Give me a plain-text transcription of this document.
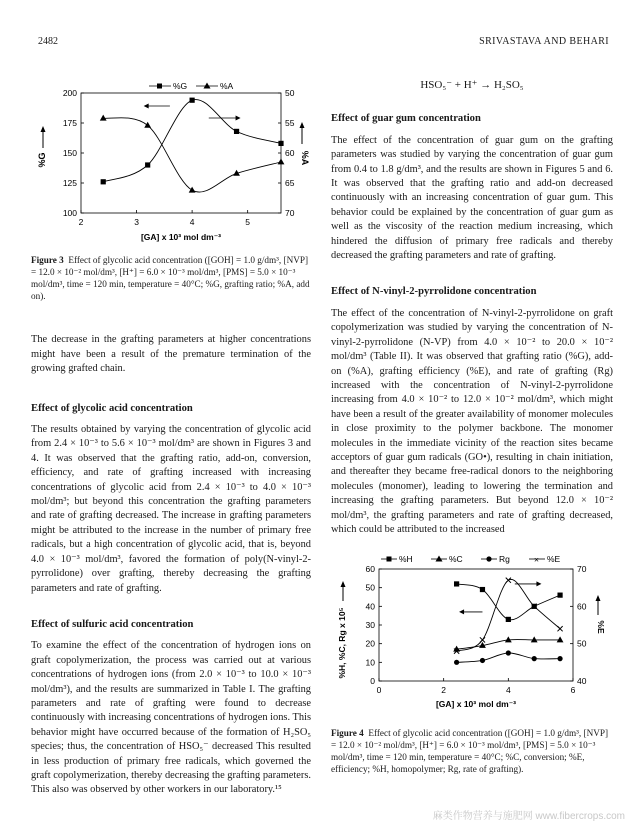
2482	SRIVASTAVA AND BEHARI
2	3	4	5
100
125
150
175
200
70
65
60
55
50
%G	%A
%G	%A
[GA] x 10³ mol dm⁻³

Figure 3 Effect of glycolic acid concentration ([GOH] = 1.0 g/dm³, [NVP] = 12.0 × 10⁻² mol/dm³, [H⁺] = 6.0 × 10⁻³ mol/dm³, [PMS] = 5.0 × 10⁻³ mol/dm³, time = 120 min, temperature = 40°C; %G, grafting ratio; %A, add on).

The decrease in the grafting parameters at higher concentrations might have been a result of the premature termination of the growing grafted chain.

Effect of glycolic acid concentration

The results obtained by varying the concentration of glycolic acid from 2.4 × 10⁻³ to 5.6 × 10⁻³ mol/dm³ are shown in Figures 3 and 4. It was observed that the grafting ratio, add-on, conversion, efficiency, and rate of grafting increased with increasing concentrations of glycolic acid from 2.4 × 10⁻³ to 4.0 × 10⁻³ mol/dm³; but beyond this concentration the grafting parameters and rate of grafting decreased. The increase in grafting parameters might be attributed to the increase in the number of primary free radicals, but a high concentration of glycolic acid, that is, beyond 4.0 × 10⁻³ mol/dm³, favored the formation of poly(N-vinyl-2-pyrrolidone) over grafting, thereby decreasing the grafting parameters and rate of grafting.

Effect of sulfuric acid concentration

To examine the effect of the concentration of hydrogen ions on graft copolymerization, the process was carried out at various concentrations of hydrogen ions (from 2.0 × 10⁻³ to 10.0 × 10⁻³ mol/dm³), and the results are summarized in Table I. The grafting parameters and rate of grafting were found to decrease continuously with increasing concentrations of hydrogen ions. This behavior might have occurred because of the formation of H₂SO₅ species; thus, the concentration of HSO₅⁻ decreased This resulted in less production of primary free radicals, which governed the graft copolymerization, thereby decreasing the grafting parameters. This also was observed by other workers in our laboratory.¹⁵

HSO₅⁻ + H⁺ → H₂SO₅

Effect of guar gum concentration

The effect of the concentration of guar gum on the grafting parameters was studied by varying the concentration of guar gum from 0.4 to 1.8 g/dm³, and the results are shown in Figures 5 and 6. It was observed that the grafting ratio and add-on decreased continuously with an increasing concentration of guar gum. This behavior could be explained by the concentration of guar gum as well as the viscosity of the reaction medium increasing, which hindered the diffusion of primary free radicals and thereby decreased the grafting parameters and rate of grafting.

Effect of N-vinyl-2-pyrrolidone concentration

The effect of the concentration of N-vinyl-2-pyrrolidone on graft copolymerization was studied by varying the concentration of N-vinyl-2-pyrrolidone (N-VP) from 4.0 × 10⁻² to 20.0 × 10⁻² mol/dm³ (Table II). It was observed that grafting ratio (%G), add-on (%A), grafting efficiency (%E), and rate of grafting (Rg) increased with the concentration of N-vinyl-2-pyrrolidone increasing from 4.0 × 10⁻² to 12.0 × 10⁻² mol/dm³, which might have been a result of the greater availability of monomer molecules in close proximity to the polymer backbone. The monomer molecules in the immediate vicinity of the reaction sites became acceptors of guar gum radicals (GO•), resulting in chain initiation, and thereafter they became free-radical donors to the neighboring molecules (monomer), leading to lowering the termination and increasing the grafting parameters. But beyond 12.0 × 10⁻² mol/dm³, the grafting parameters and rate of grafting decreased, which could be attributed to the increased

0	2	4	6
0
10
20
30
40
50
60
40
50
60
70
%H	%C	Rg	× %E
%H, %C, Rg x 10⁵	%E
[GA] x 10³ mol dm⁻³

Figure 4 Effect of glycolic acid concentration ([GOH] = 1.0 g/dm³, [NVP] = 12.0 × 10⁻² mol/dm³, [H⁺] = 6.0 × 10⁻³ mol/dm³, [PMS] = 5.0 × 10⁻³ mol/dm³, time = 120 min, temperature = 40°C; %C, conversion; %E, efficiency; %H, homopolymer; Rg, rate of grafting).

麻类作物营养与施肥网 www.fibercrops.com
